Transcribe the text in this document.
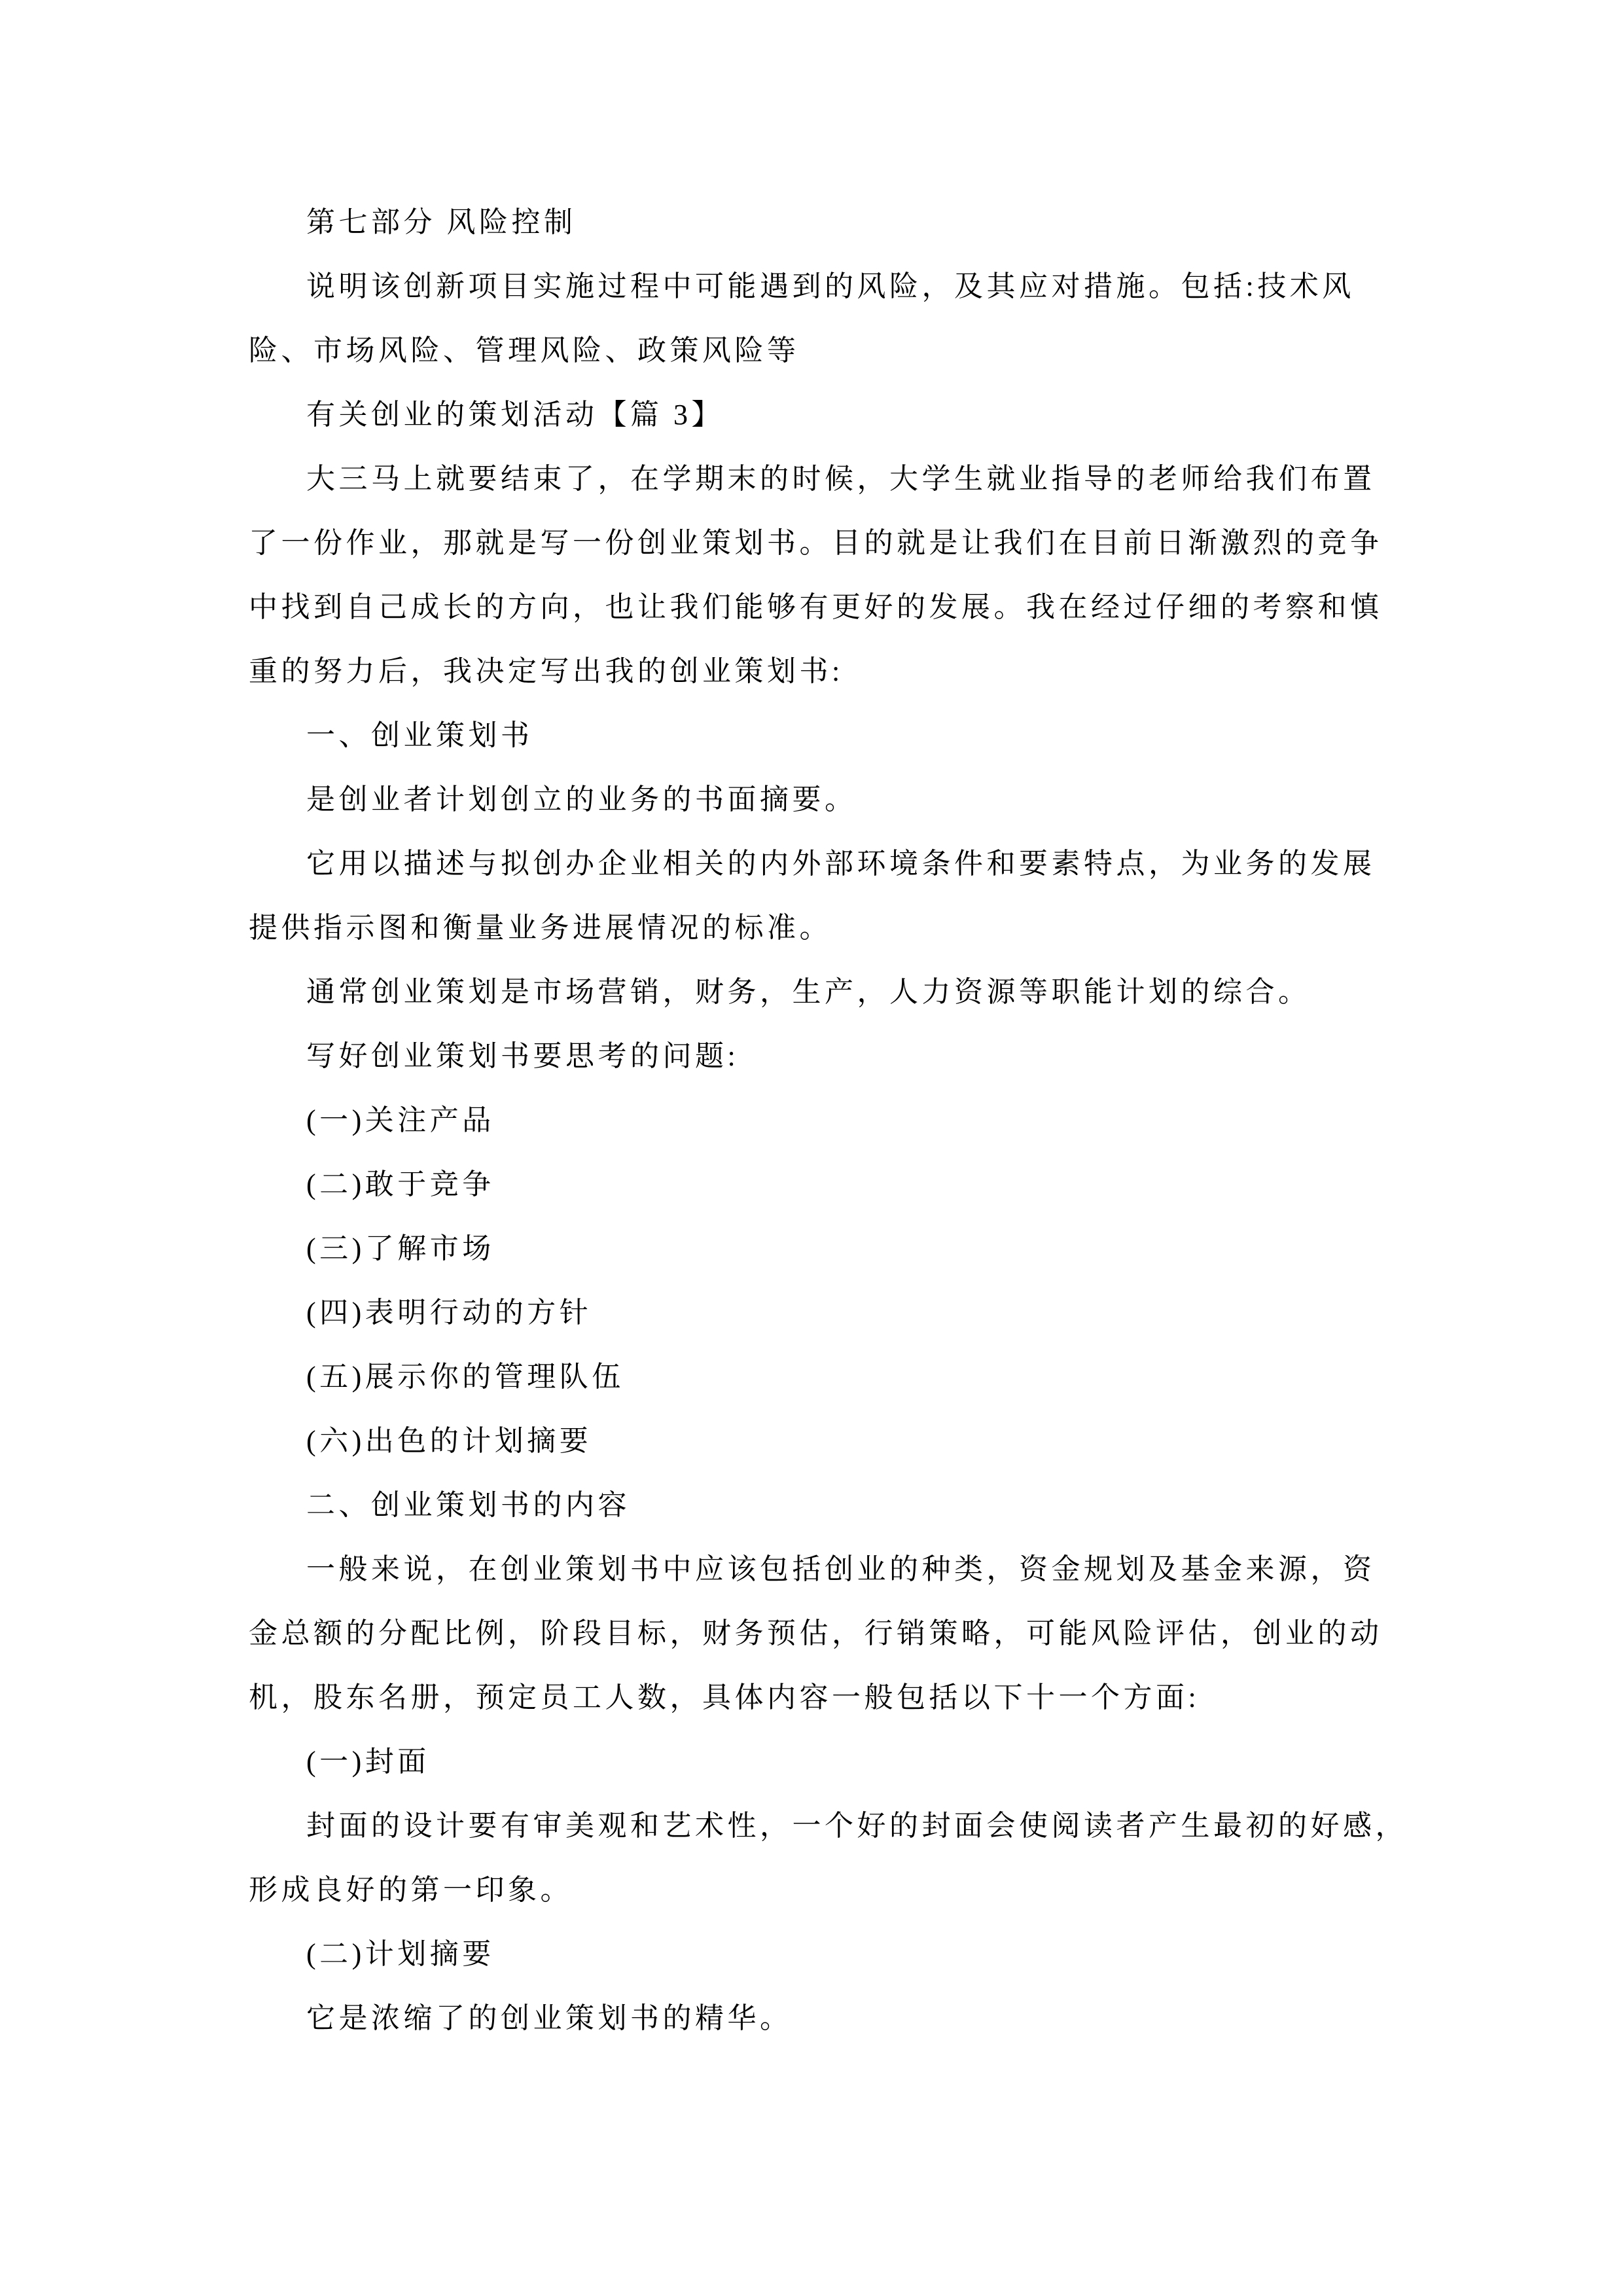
第七部分 风险控制
说明该创新项目实施过程中可能遇到的风险，及其应对措施。包括:技术风
险、市场风险、管理风险、政策风险等
有关创业的策划活动【篇 3】
大三马上就要结束了，在学期末的时候，大学生就业指导的老师给我们布置
了一份作业，那就是写一份创业策划书。目的就是让我们在目前日渐激烈的竞争
中找到自己成长的方向，也让我们能够有更好的发展。我在经过仔细的考察和慎
重的努力后，我决定写出我的创业策划书:
一、创业策划书
是创业者计划创立的业务的书面摘要。
它用以描述与拟创办企业相关的内外部环境条件和要素特点，为业务的发展
提供指示图和衡量业务进展情况的标准。
通常创业策划是市场营销，财务，生产，人力资源等职能计划的综合。
写好创业策划书要思考的问题:
(一)关注产品
(二)敢于竞争
(三)了解市场
(四)表明行动的方针
(五)展示你的管理队伍
(六)出色的计划摘要
二、创业策划书的内容
一般来说，在创业策划书中应该包括创业的种类，资金规划及基金来源，资
金总额的分配比例，阶段目标，财务预估，行销策略，可能风险评估，创业的动
机，股东名册，预定员工人数，具体内容一般包括以下十一个方面:
(一)封面
封面的设计要有审美观和艺术性，一个好的封面会使阅读者产生最初的好感，
形成良好的第一印象。
(二)计划摘要
它是浓缩了的创业策划书的精华。
